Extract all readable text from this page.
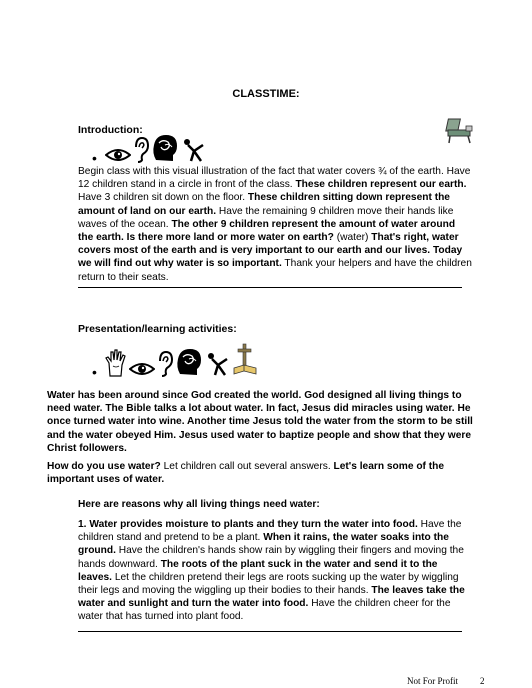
CLASSTIME:
Introduction:
•
Begin class with this visual illustration of the fact that water covers ¾ of the earth. Have 12 children stand in a circle in front of the class. These children represent our earth. Have 3 children sit down on the floor. These children sitting down represent the amount of land on our earth. Have the remaining 9 children move their hands like waves of the ocean. The other 9 children represent the amount of water around the earth. Is there more land or more water on earth? (water) That's right, water covers most of the earth and is very important to our earth and our lives. Today we will find out why water is so important. Thank your helpers and have the children return to their seats.
Presentation/learning activities:
•
Water has been around since God created the world. God designed all living things to need water. The Bible talks a lot about water. In fact, Jesus did miracles using water. He once turned water into wine. Another time Jesus told the water from the storm to be still and the water obeyed Him. Jesus used water to baptize people and show that they were Christ followers.
How do you use water? Let children call out several answers. Let's learn some of the important uses of water.
Here are reasons why all living things need water:
1. Water provides moisture to plants and they turn the water into food. Have the children stand and pretend to be a plant. When it rains, the water soaks into the ground. Have the children's hands show rain by wiggling their fingers and moving the hands downward. The roots of the plant suck in the water and send it to the leaves. Let the children pretend their legs are roots sucking up the water by wiggling their legs and moving the wiggling up their bodies to their hands. The leaves take the water and sunlight and turn the water into food. Have the children cheer for the water that has turned into plant food.
Not For Profit 2
